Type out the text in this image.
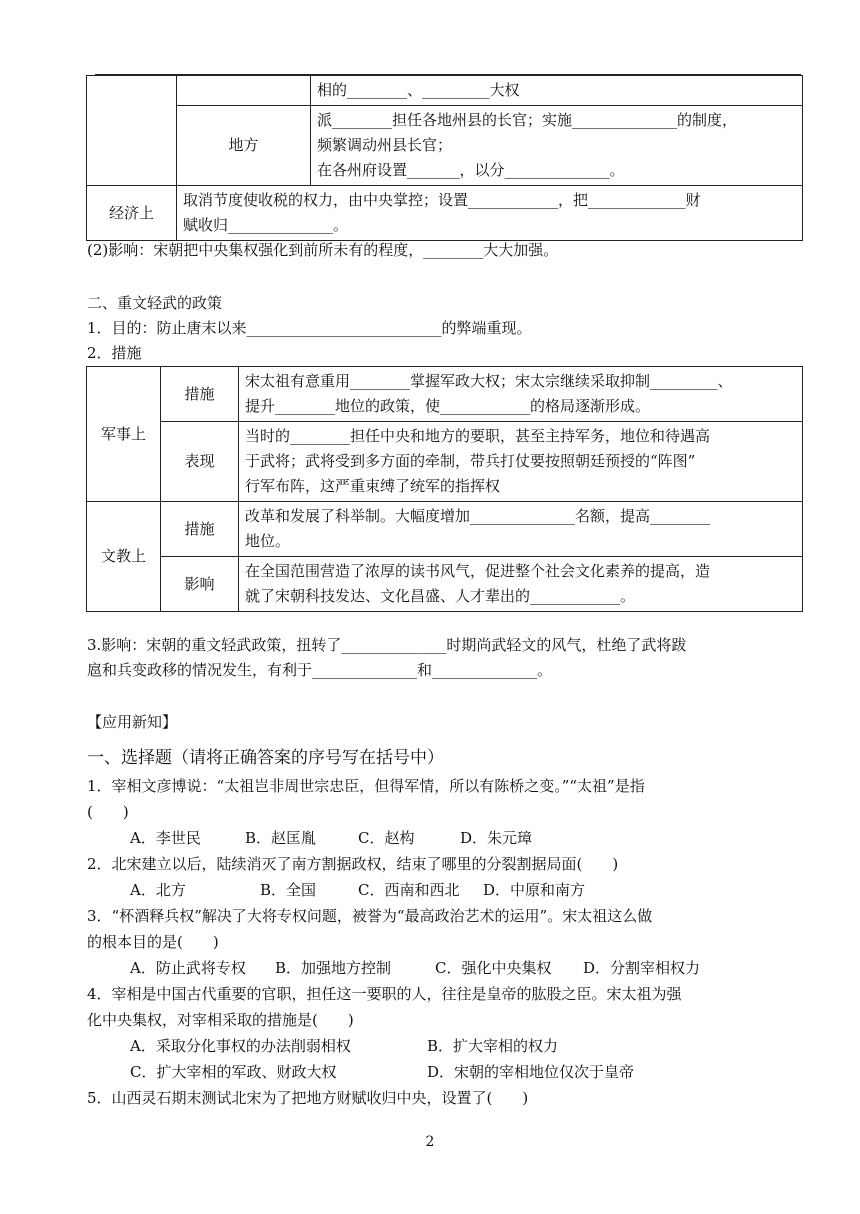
		相的________、_________大权
	地方	派________担任各地州县的长官；实施______________的制度，
频繁调动州县长官；
在各州府设置_______，以分______________。

经济上	取消节度使收税的权力，由中央掌控；设置____________，把_____________财
赋收归______________。	
(2)影响：宋朝把中央集权强化到前所未有的程度，________大大加强。
二、重文轻武的政策
1．目的：防止唐末以来__________________________的弊端重现。
2．措施
军事上	措施	宋太祖有意重用________掌握军政大权；宋太宗继续采取抑制_________、
提升________地位的政策，使____________的格局逐渐形成。

	表现	当时的________担任中央和地方的要职，甚至主持军务，地位和待遇高
于武将；武将受到多方面的牵制，带兵打仗要按照朝廷预授的“阵图”
行军布阵，这严重束缚了统军的指挥权

文教上	措施	改革和发展了科举制。大幅度增加______________名额，提高________
地位。

	影响	在全国范围营造了浓厚的读书风气，促进整个社会文化素养的提高，造
就了宋朝科技发达、文化昌盛、人才辈出的____________。
3.影响：宋朝的重文轻武政策，扭转了______________时期尚武轻文的风气，杜绝了武将跋
扈和兵变政移的情况发生，有利于______________和______________。
【应用新知】
一、选择题（请将正确答案的序号写在括号中）
1．宰相文彦博说：“太祖岂非周世宗忠臣，但得军情，所以有陈桥之变。”“太祖”是指
(　　)
A．李世民	B．赵匡胤	C．赵构	D．朱元璋
2．北宋建立以后，陆续消灭了南方割据政权，结束了哪里的分裂割据局面(　　)
A．北方	B．全国	C．西南和西北 D．中原和南方
3．“杯酒释兵权”解决了大将专权问题，被誉为“最高政治艺术的运用”。宋太祖这么做
的根本目的是(　　)
A．防止武将专权 B．加强地方控制	C．强化中央集权 D．分割宰相权力
4．宰相是中国古代重要的官职，担任这一要职的人，往往是皇帝的肱股之臣。宋太祖为强
化中央集权，对宰相采取的措施是(　　)
A．采取分化事权的办法削弱相权	B．扩大宰相的权力
C．扩大宰相的军政、财政大权	D．宋朝的宰相地位仅次于皇帝
5．山西灵石期末测试北宋为了把地方财赋收归中央，设置了(　　)
2
